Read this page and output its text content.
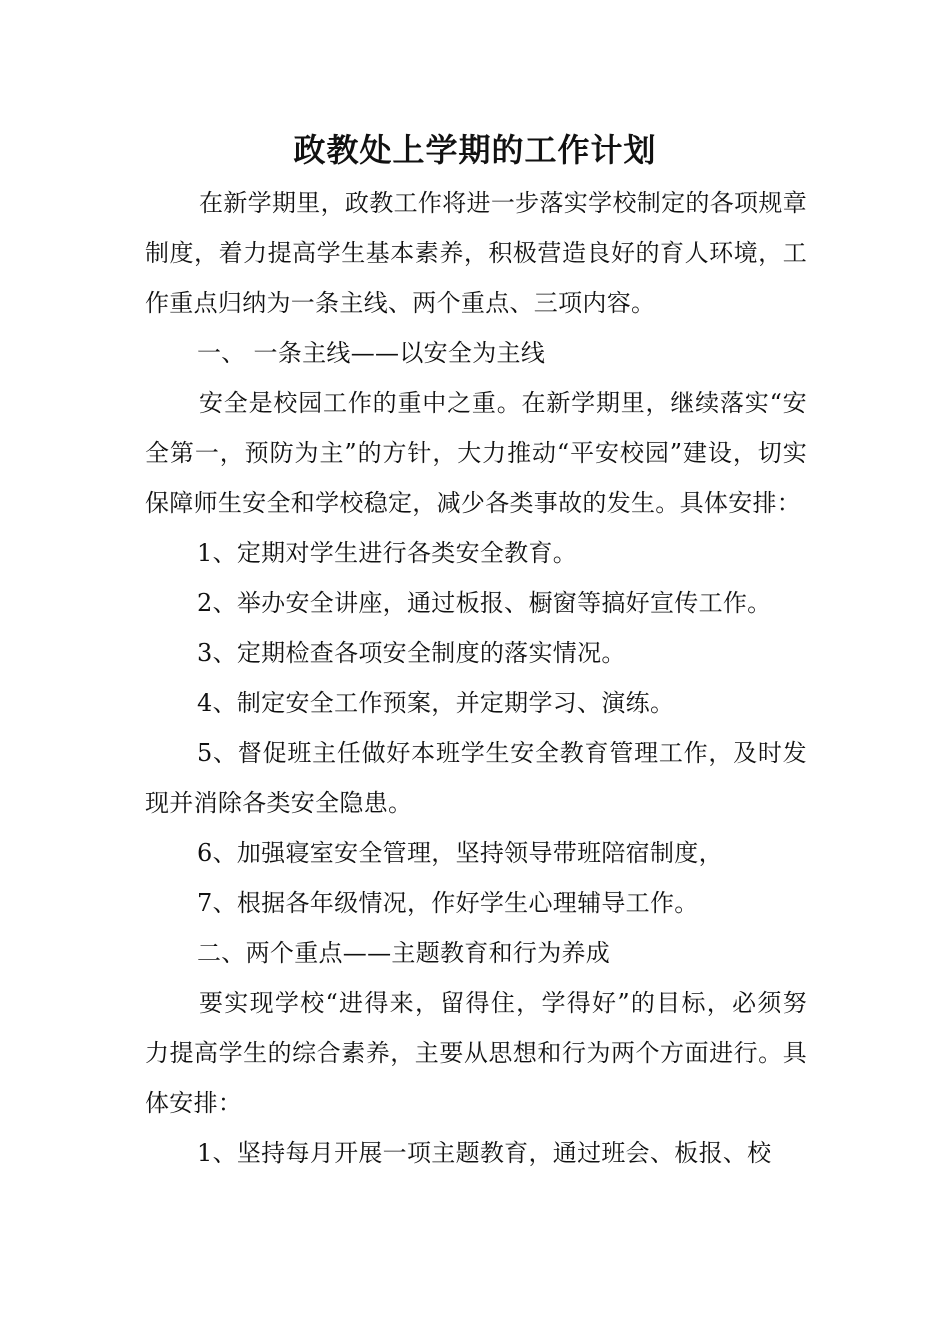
政教处上学期的工作计划

在新学期里，政教工作将进一步落实学校制定的各项规章制度，着力提高学生基本素养，积极营造良好的育人环境，工作重点归纳为一条主线、两个重点、三项内容。

一、 一条主线——以安全为主线

安全是校园工作的重中之重。在新学期里，继续落实“安全第一，预防为主”的方针，大力推动“平安校园”建设，切实保障师生安全和学校稳定，减少各类事故的发生。具体安排：

1、定期对学生进行各类安全教育。

2、举办安全讲座，通过板报、橱窗等搞好宣传工作。

3、定期检查各项安全制度的落实情况。

4、制定安全工作预案，并定期学习、演练。

5、督促班主任做好本班学生安全教育管理工作，及时发现并消除各类安全隐患。

6、加强寝室安全管理，坚持领导带班陪宿制度，

7、根据各年级情况，作好学生心理辅导工作。

二、两个重点——主题教育和行为养成

要实现学校“进得来，留得住，学得好”的目标，必须努力提高学生的综合素养，主要从思想和行为两个方面进行。具体安排：

1、坚持每月开展一项主题教育，通过班会、板报、校
